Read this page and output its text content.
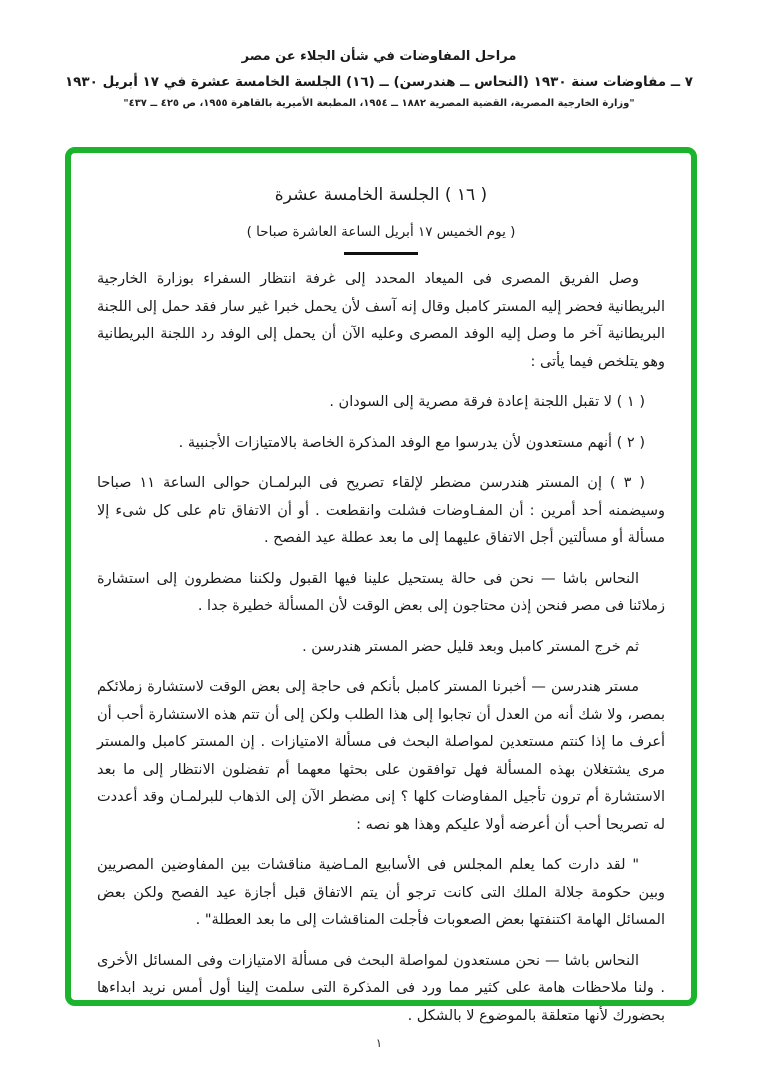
مراحل المفاوضات في شأن الجلاء عن مصر
٧ ــ مفاوضات سنة ١٩٣٠ (النحاس ــ هندرسن) ــ (١٦) الجلسة الخامسة عشرة في ١٧ أبريل ١٩٣٠
"وزارة الخارجية المصرية، القضية المصرية ١٨٨٢ ــ ١٩٥٤، المطبعة الأميرية بالقاهرة ١٩٥٥، ص ٤٢٥ ــ ٤٣٧"
( ١٦ ) الجلسة الخامسة عشرة
( يوم الخميس ١٧ أبريل الساعة العاشرة صباحا )

وصل الفريق المصرى فى الميعاد المحدد إلى غرفة انتظار السفراء بوزارة الخارجية البريطانية فحضر إليه المستر كامبل وقال إنه آسف لأن يحمل خبرا غير سار فقد حمل إلى اللجنة البريطانية آخر ما وصل إليه الوفد المصرى وعليه الآن أن يحمل إلى الوفد رد اللجنة البريطانية وهو يتلخص فيما يأتى :

( ١ ) لا تقبل اللجنة إعادة فرقة مصرية إلى السودان .

( ٢ ) أنهم مستعدون لأن يدرسوا مع الوفد المذكرة الخاصة بالامتيازات الأجنبية .

( ٣ ) إن المستر هندرسن مضطر لإلقاء تصريح فى البرلمـان حوالى الساعة ١١ صباحا وسيضمنه أحد أمرين : أن المفـاوضات فشلت وانقطعت . أو أن الاتفاق تام على كل شىء إلا مسألة أو مسألتين أجل الاتفاق عليهما إلى ما بعد عطلة عيد الفصح .

النحاس باشا — نحن فى حالة يستحيل علينا فيها القبول ولكننا مضطرون إلى استشارة زملائنا فى مصر فنحن إذن محتاجون إلى بعض الوقت لأن المسألة خطيرة جدا .

ثم خرج المستر كامبل وبعد قليل حضر المستر هندرسن .

مستر هندرسن — أخبرنا المستر كامبل بأنكم فى حاجة إلى بعض الوقت لاستشارة زملائكم بمصر، ولا شك أنه من العدل أن تجابوا إلى هذا الطلب ولكن إلى أن تتم هذه الاستشارة أحب أن أعرف ما إذا كنتم مستعدين لمواصلة البحث فى مسألة الامتيازات . إن المستر كامبل والمستر مرى يشتغلان بهذه المسألة فهل توافقون على بحثها معهما أم تفضلون الانتظار إلى ما بعد الاستشارة أم ترون تأجيل المفاوضات كلها ؟ إنى مضطر الآن إلى الذهاب للبرلمـان وقد أعددت له تصريحا أحب أن أعرضه أولا عليكم وهذا هو نصه :

" لقد دارت كما يعلم المجلس فى الأسابيع المـاضية مناقشات بين المفاوضين المصريين وبين حكومة جلالة الملك التى كانت ترجو أن يتم الاتفاق قبل أجازة عيد الفصح ولكن بعض المسائل الهامة اكتنفتها بعض الصعوبات فأجلت المناقشات إلى ما بعد العطلة" .

النحاس باشا — نحن مستعدون لمواصلة البحث فى مسألة الامتيازات وفى المسائل الأخرى . ولنا ملاحظات هامة على كثير مما ورد فى المذكرة التى سلمت إلينا أول أمس نريد ابداءها بحضورك لأنها متعلقة بالموضوع لا بالشكل .

١
